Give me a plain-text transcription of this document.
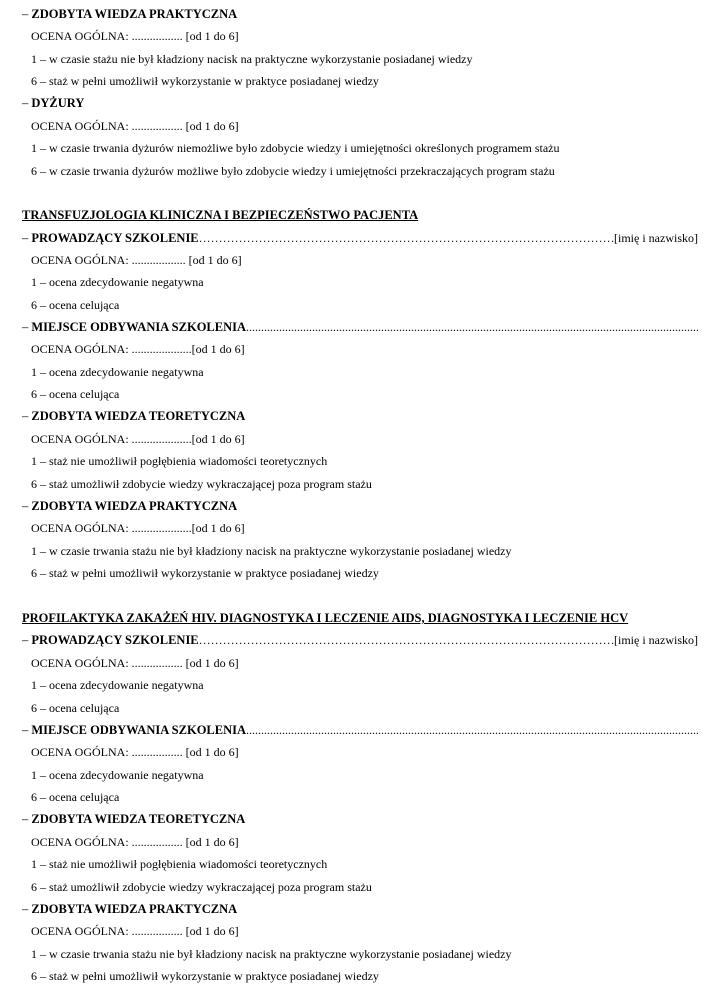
– ZDOBYTA WIEDZA PRAKTYCZNA
OCENA OGÓLNA: ................. [od 1 do 6]
1 – w czasie stażu nie był kładziony nacisk na praktyczne wykorzystanie posiadanej wiedzy
6 – staż w pełni umożliwił wykorzystanie w praktyce posiadanej wiedzy
– DYŻURY
OCENA OGÓLNA: ................. [od 1 do 6]
1 – w czasie trwania dyżurów niemożliwe było zdobycie wiedzy i umiejętności określonych programem stażu
6 – w czasie trwania dyżurów możliwe było zdobycie wiedzy i umiejętności przekraczających program stażu
TRANSFUZJOLOGIA KLINICZNA I BEZPIECZEŃSTWO PACJENTA
– PROWADZĄCY SZKOLENIE ……………………………………………………………………………………………………………………………………………………	[imię i nazwisko]
OCENA OGÓLNA: .................. [od 1 do 6]
1 – ocena zdecydowanie negatywna
6 – ocena celująca
– MIEJSCE ODBYWANIA SZKOLENIA
.....
OCENA OGÓLNA: ....................[od 1 do 6]
1 – ocena zdecydowanie negatywna
6 – ocena celująca
– ZDOBYTA WIEDZA TEORETYCZNA
OCENA OGÓLNA: ....................[od 1 do 6]
1 – staż nie umożliwił pogłębienia wiadomości teoretycznych
6 – staż umożliwił zdobycie wiedzy wykraczającej poza program stażu
– ZDOBYTA WIEDZA PRAKTYCZNA
OCENA OGÓLNA: ....................[od 1 do 6]
1 – w czasie trwania stażu nie był kładziony nacisk na praktyczne wykorzystanie posiadanej wiedzy
6 – staż w pełni umożliwił wykorzystanie w praktyce posiadanej wiedzy
PROFILAKTYKA ZAKAŻEŃ HIV. DIAGNOSTYKA I LECZENIE AIDS, DIAGNOSTYKA I LECZENIE HCV
– PROWADZĄCY SZKOLENIE ……………………………………………………………………………………………………………………………………………………	[imię i nazwisko]
OCENA OGÓLNA: ................. [od 1 do 6]
1 – ocena zdecydowanie negatywna
6 – ocena celująca
– MIEJSCE ODBYWANIA SZKOLENIA
.....
OCENA OGÓLNA: ................. [od 1 do 6]
1 – ocena zdecydowanie negatywna
6 – ocena celująca
– ZDOBYTA WIEDZA TEORETYCZNA
OCENA OGÓLNA: ................. [od 1 do 6]
1 – staż nie umożliwił pogłębienia wiadomości teoretycznych
6 – staż umożliwił zdobycie wiedzy wykraczającej poza program stażu
– ZDOBYTA WIEDZA PRAKTYCZNA
OCENA OGÓLNA: ................. [od 1 do 6]
1 – w czasie trwania stażu nie był kładziony nacisk na praktyczne wykorzystanie posiadanej wiedzy
6 – staż w pełni umożliwił wykorzystanie w praktyce posiadanej wiedzy
